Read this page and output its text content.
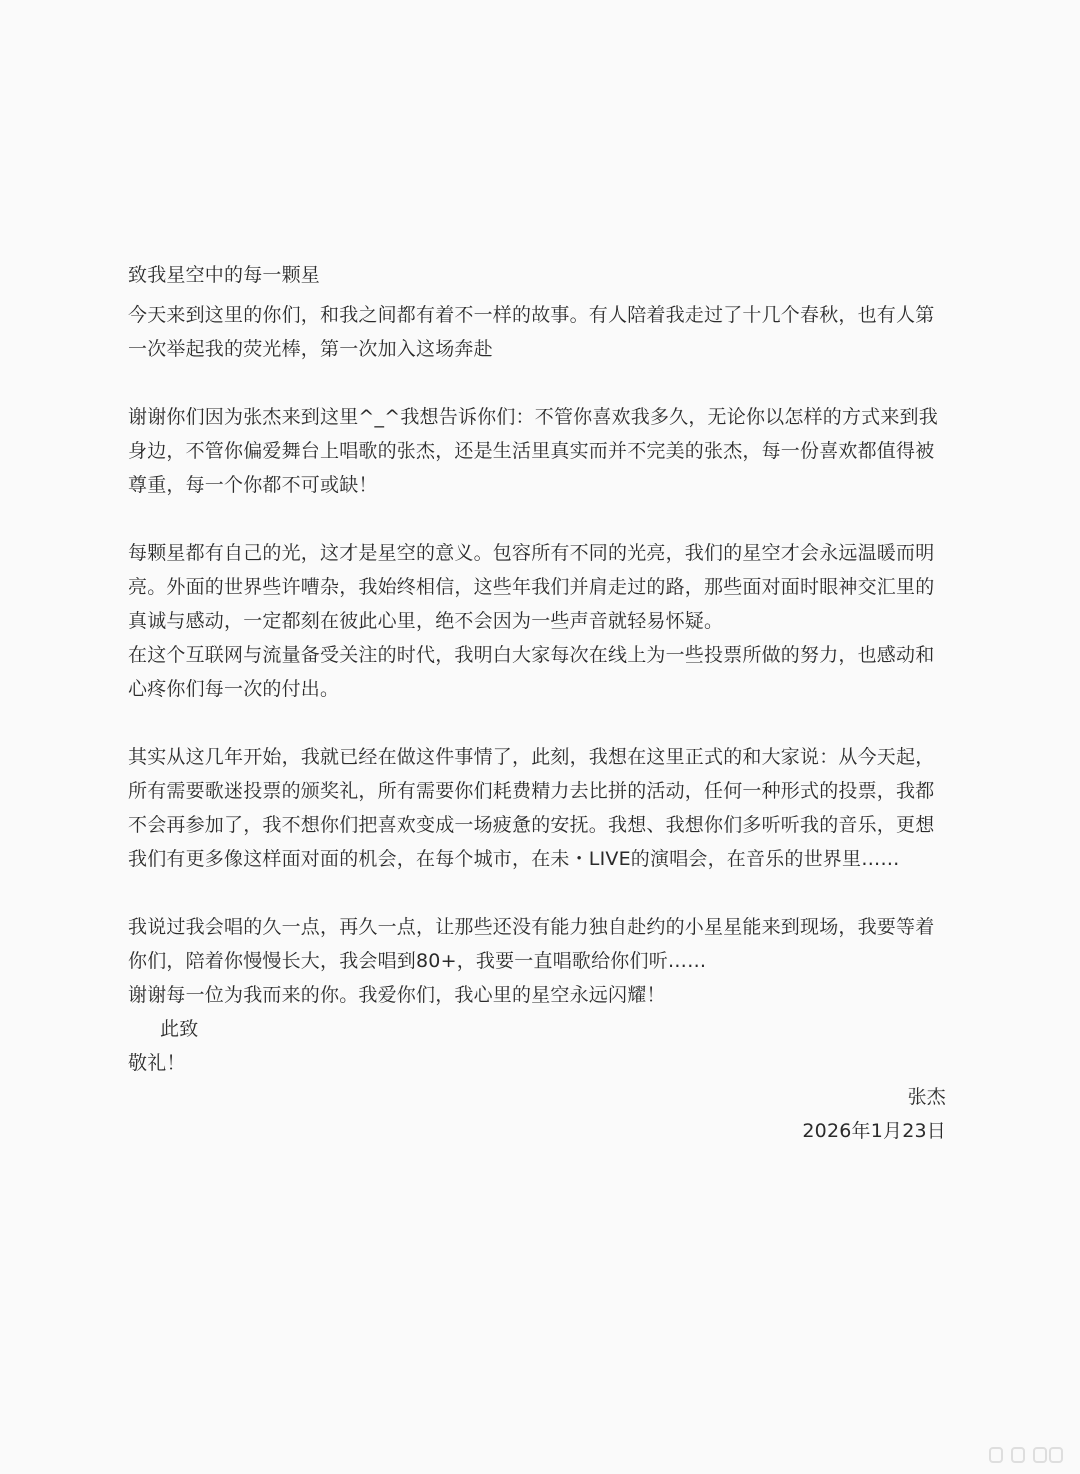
致我星空中的每一颗星

今天来到这里的你们，和我之间都有着不一样的故事。有人陪着我走过了十几个春秋，也有人第一次举起我的荧光棒，第一次加入这场奔赴

谢谢你们因为张杰来到这里^_^我想告诉你们：不管你喜欢我多久，无论你以怎样的方式来到我身边，不管你偏爱舞台上唱歌的张杰，还是生活里真实而并不完美的张杰，每一份喜欢都值得被尊重，每一个你都不可或缺！

每颗星都有自己的光，这才是星空的意义。包容所有不同的光亮，我们的星空才会永远温暖而明亮。外面的世界些许嘈杂，我始终相信，这些年我们并肩走过的路，那些面对面时眼神交汇里的真诚与感动，一定都刻在彼此心里，绝不会因为一些声音就轻易怀疑。

在这个互联网与流量备受关注的时代，我明白大家每次在线上为一些投票所做的努力，也感动和心疼你们每一次的付出。

其实从这几年开始，我就已经在做这件事情了，此刻，我想在这里正式的和大家说：从今天起，所有需要歌迷投票的颁奖礼，所有需要你们耗费精力去比拼的活动，任何一种形式的投票，我都不会再参加了，我不想你们把喜欢变成一场疲惫的安抚。我想、我想你们多听听我的音乐，更想我们有更多像这样面对面的机会，在每个城市，在未・LIVE的演唱会，在音乐的世界里……

我说过我会唱的久一点，再久一点，让那些还没有能力独自赴约的小星星能来到现场，我要等着你们，陪着你慢慢长大，我会唱到80+，我要一直唱歌给你们听……

谢谢每一位为我而来的你。我爱你们，我心里的星空永远闪耀！

此致

敬礼！

张杰

2026年1月23日
